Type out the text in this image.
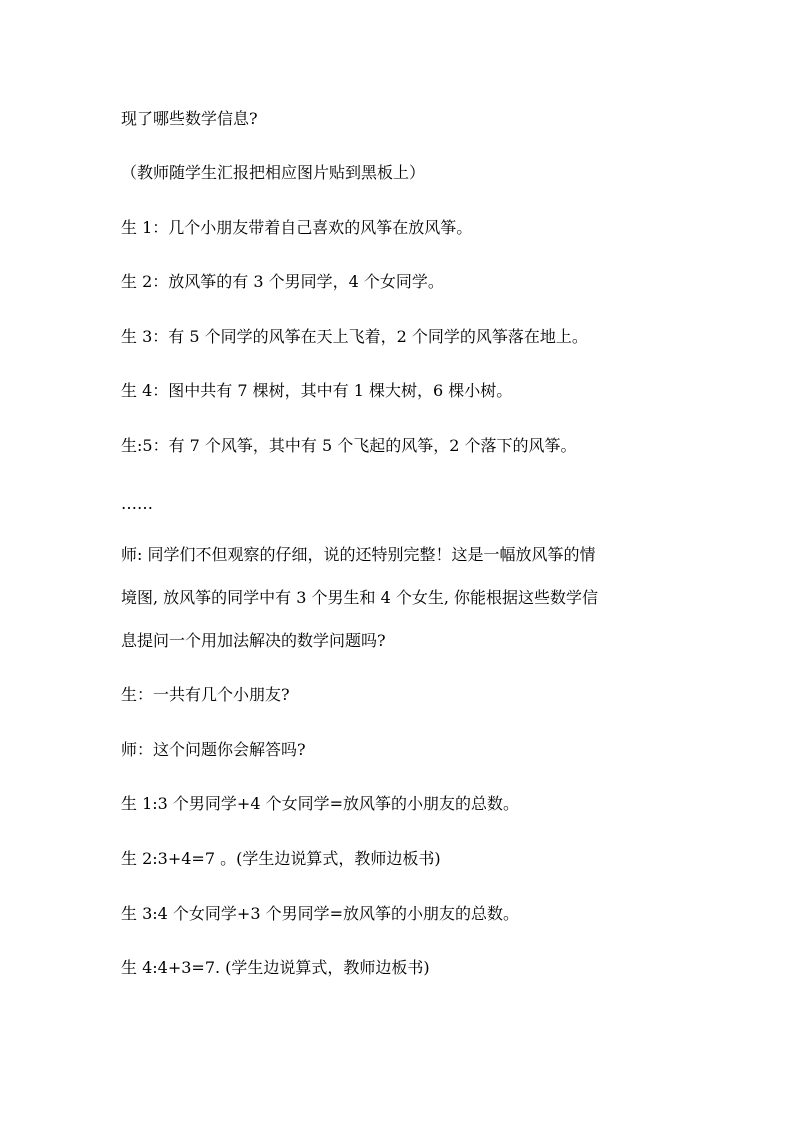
现了哪些数学信息?
（教师随学生汇报把相应图片贴到黑板上）
生 1：几个小朋友带着自己喜欢的风筝在放风筝。
生 2：放风筝的有 3 个男同学，4 个女同学。
生 3：有 5 个同学的风筝在天上飞着，2 个同学的风筝落在地上。
生 4：图中共有 7 棵树，其中有 1 棵大树，6 棵小树。
生:5：有 7 个风筝，其中有 5 个飞起的风筝，2 个落下的风筝。
……
师: 同学们不但观察的仔细，说的还特别完整！这是一幅放风筝的情
境图, 放风筝的同学中有 3 个男生和 4 个女生, 你能根据这些数学信
息提问一个用加法解决的数学问题吗?
生：一共有几个小朋友?
师：这个问题你会解答吗?
生 1:3 个男同学+4 个女同学=放风筝的小朋友的总数。
生 2:3+4=7 。(学生边说算式，教师边板书)
生 3:4 个女同学+3 个男同学=放风筝的小朋友的总数。
生 4:4+3=7. (学生边说算式，教师边板书)
